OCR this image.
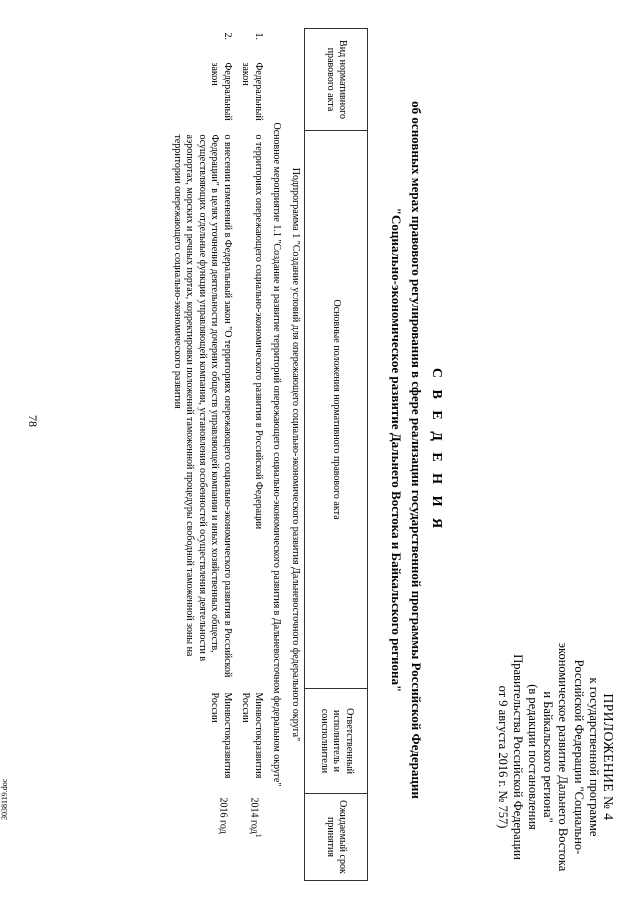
78
3038119.doc	ПРИЛОЖЕНИЕ № 4
к государственной программе
Российской Федерации "Социально-
экономическое развитие Дальнего Востока
и Байкальского региона"
(в редакции постановления
Правительства Российской Федерации
от 9 августа 2016 г. № 757)
С В Е Д Е Н И Я
об основных мерах правового регулирования в сфере реализации государственной программы Российской Федерации
"Социально-экономическое развитие Дальнего Востока и Байкальского региона"
Вид нормативного правового акта		Основные положения нормативного правового акта	Ответственный исполнитель и соисполнители	Ожидаемый срок принятия
Подпрограмма 1 "Создание условий для опережающего социально-экономического развития Дальневосточного федерального округа"				
Основное мероприятие 1.1 "Создание и развитие территорий опережающего социально-экономического развития в Дальневосточном федеральном округе"				
1.	Федеральный закон	о территориях опережающего социально-экономического развития в Российской Федерации	Минвостокразвития России	2014 год$^1$
2.	Федеральный закон	о внесении изменений в Федеральный закон "О территориях опережающего социально-экономического развития в Российской Федерации" в целях уточнения деятельности дочерних обществ управляющей компании и иных хозяйственных обществ, осуществляющих отдельные функции управляющей компании, установления особенностей осуществления деятельности в аэропортах, морских и речных портах, корректировки положений таможенной процедуры свободной таможенной зоны на территории опережающего социально-экономического развития	Минвостокразвития России	2016 год
